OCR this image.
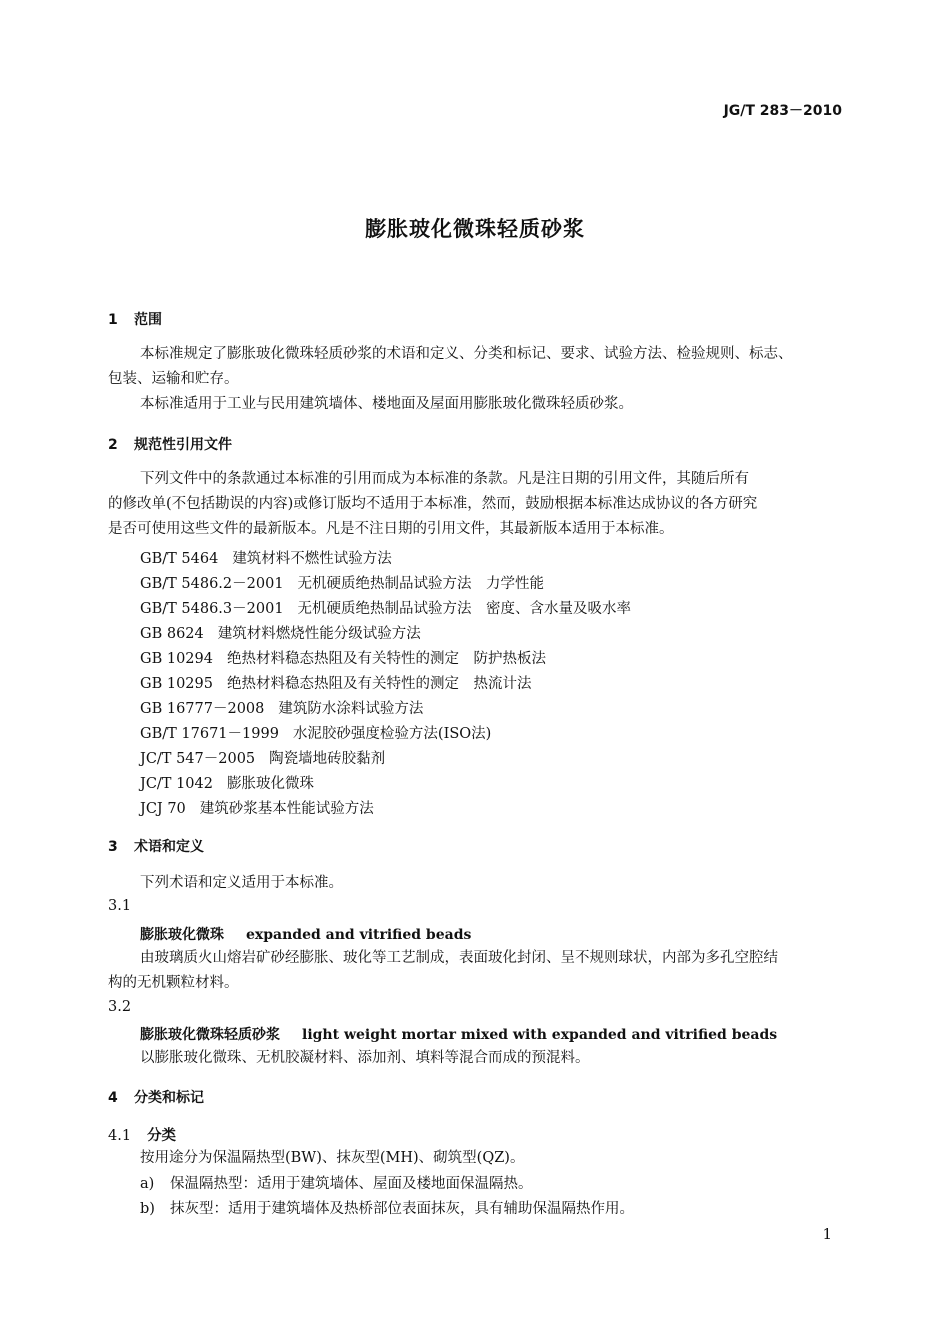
JG/T 283－2010
膨胀玻化微珠轻质砂浆
1 范围
本标准规定了膨胀玻化微珠轻质砂浆的术语和定义、分类和标记、要求、试验方法、检验规则、标志、
包装、运输和贮存。
本标准适用于工业与民用建筑墙体、楼地面及屋面用膨胀玻化微珠轻质砂浆。
2 规范性引用文件
下列文件中的条款通过本标准的引用而成为本标准的条款。凡是注日期的引用文件，其随后所有
的修改单(不包括勘误的内容)或修订版均不适用于本标准，然而，鼓励根据本标准达成协议的各方研究
是否可使用这些文件的最新版本。凡是不注日期的引用文件，其最新版本适用于本标准。
GB/T 5464 建筑材料不燃性试验方法
GB/T 5486.2－2001 无机硬质绝热制品试验方法　力学性能
GB/T 5486.3－2001 无机硬质绝热制品试验方法　密度、含水量及吸水率
GB 8624 建筑材料燃烧性能分级试验方法
GB 10294 绝热材料稳态热阻及有关特性的测定　防护热板法
GB 10295 绝热材料稳态热阻及有关特性的测定　热流计法
GB 16777－2008 建筑防水涂料试验方法
GB/T 17671－1999 水泥胶砂强度检验方法(ISO法)
JC/T 547－2005 陶瓷墙地砖胶黏剂
JC/T 1042 膨胀玻化微珠
JCJ 70 建筑砂浆基本性能试验方法
3 术语和定义
下列术语和定义适用于本标准。
3.1
膨胀玻化微珠 expanded and vitrified beads
由玻璃质火山熔岩矿砂经膨胀、玻化等工艺制成，表面玻化封闭、呈不规则球状，内部为多孔空腔结
构的无机颗粒材料。
3.2
膨胀玻化微珠轻质砂浆 light weight mortar mixed with expanded and vitrified beads
以膨胀玻化微珠、无机胶凝材料、添加剂、填料等混合而成的预混料。
4 分类和标记
4.1 分类
按用途分为保温隔热型(BW)、抹灰型(MH)、砌筑型(QZ)。
a) 保温隔热型：适用于建筑墙体、屋面及楼地面保温隔热。
b) 抹灰型：适用于建筑墙体及热桥部位表面抹灰，具有辅助保温隔热作用。
1
